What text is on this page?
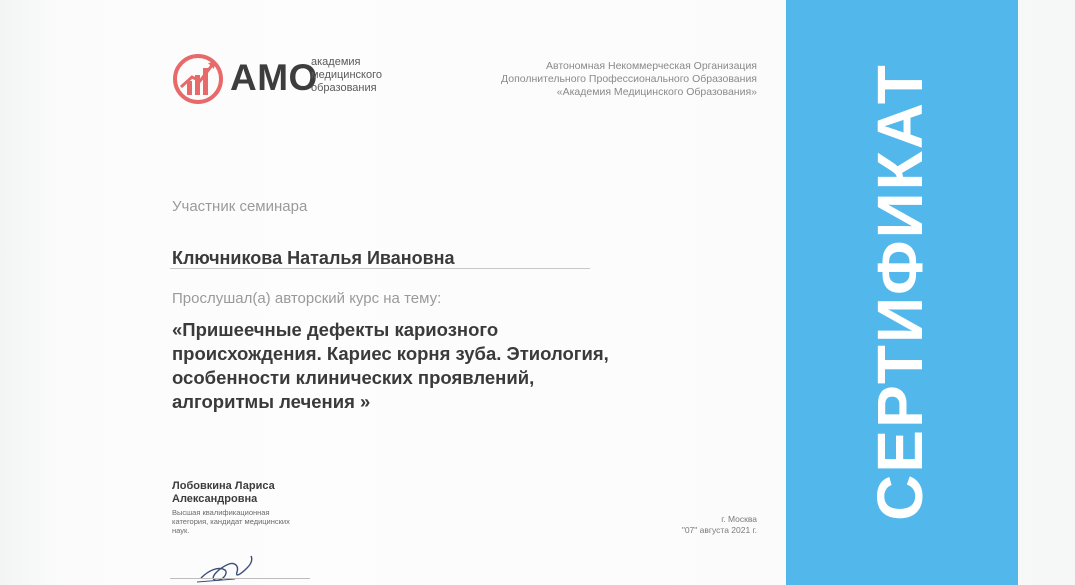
АМО
академия
медицинского
образования
Автономная Некоммерческая Организация
Дополнительного Профессионального Образования
«Академия Медицинского Образования»
Участник семинара
Ключникова Наталья Ивановна
Прослушал(а) авторский курс на тему:
«Пришеечные дефекты кариозного
происхождения. Кариес корня зуба. Этиология,
особенности клинических проявлений,
алгоритмы лечения »
Лобовкина Лариса
Александровна
Высшая квалификационная
категория, кандидат медицинских
наук.
г. Москва
"07" августа 2021 г.
СЕРТИФИКАТ
